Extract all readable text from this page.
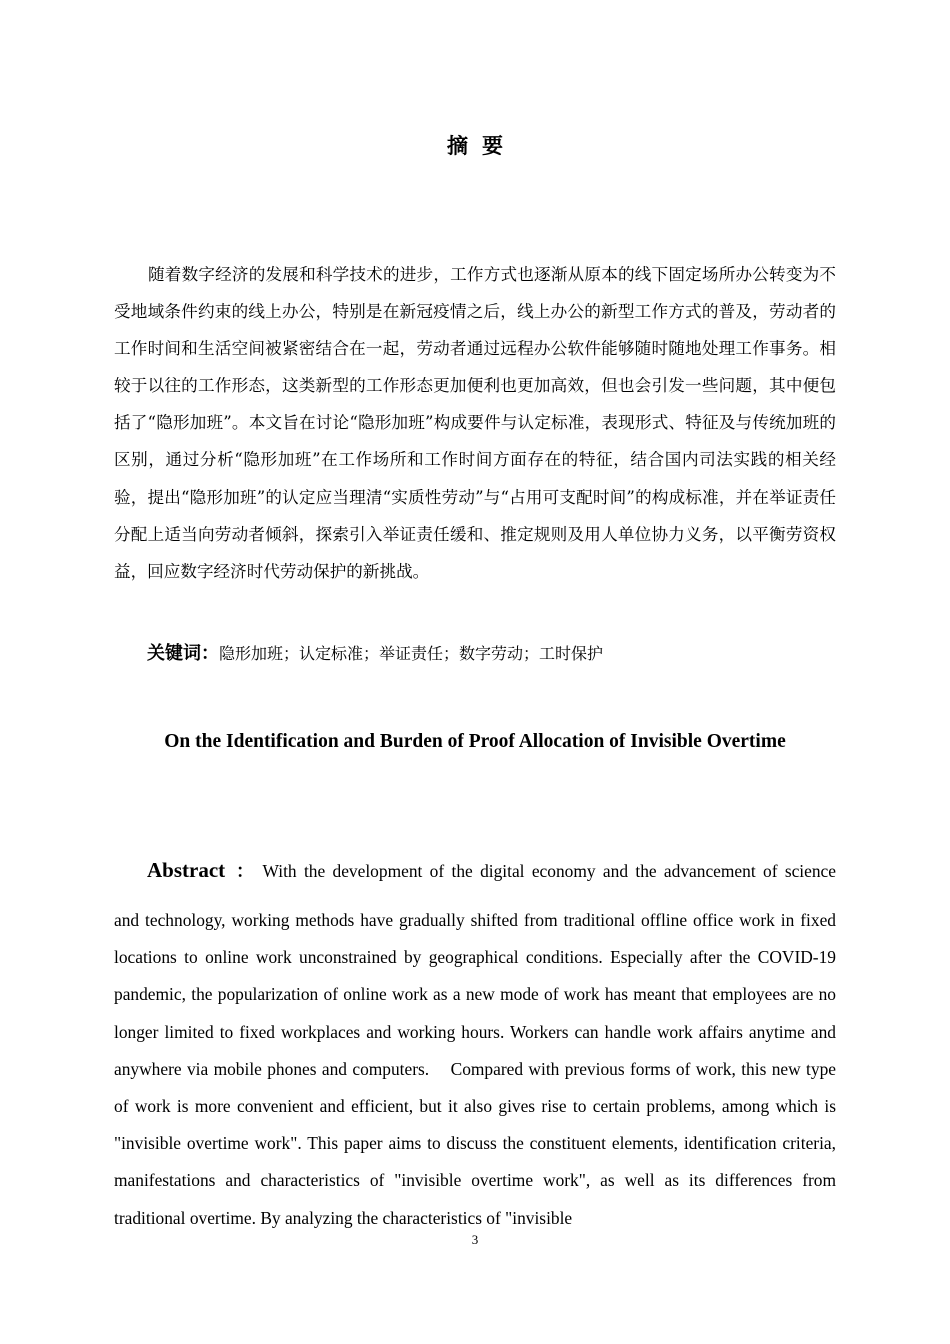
摘要

随着数字经济的发展和科学技术的进步，工作方式也逐渐从原本的线下固定场所办公转变为不受地域条件约束的线上办公，特别是在新冠疫情之后，线上办公的新型工作方式的普及，劳动者的工作时间和生活空间被紧密结合在一起，劳动者通过远程办公软件能够随时随地处理工作事务。相较于以往的工作形态，这类新型的工作形态更加便利也更加高效，但也会引发一些问题，其中便包括了“隐形加班”。本文旨在讨论“隐形加班”构成要件与认定标准，表现形式、特征及与传统加班的区别，通过分析“隐形加班”在工作场所和工作时间方面存在的特征，结合国内司法实践的相关经验，提出“隐形加班”的认定应当理清“实质性劳动”与“占用可支配时间”的构成标准，并在举证责任分配上适当向劳动者倾斜，探索引入举证责任缓和、推定规则及用人单位协力义务，以平衡劳资权益，回应数字经济时代劳动保护的新挑战。

关键词：隐形加班；认定标准；举证责任；数字劳动；工时保护
On the Identification and Burden of Proof Allocation of Invisible Overtime
Abstract ： With the development of the digital economy and the advancement of science
and technology, working methods have gradually shifted from traditional offline office work in fixed locations to online work unconstrained by geographical conditions. Especially after the COVID-19 pandemic, the popularization of online work as a new mode of work has meant that employees are no longer limited to fixed workplaces and working hours. Workers can handle work affairs anytime and anywhere via mobile phones and computers.    Compared with previous forms of work, this new type of work is more convenient and efficient, but it also gives rise to certain problems, among which is "invisible overtime work". This paper aims to discuss the constituent elements, identification criteria, manifestations and characteristics of "invisible overtime work", as well as its differences from traditional overtime. By analyzing the characteristics of "invisible
3
